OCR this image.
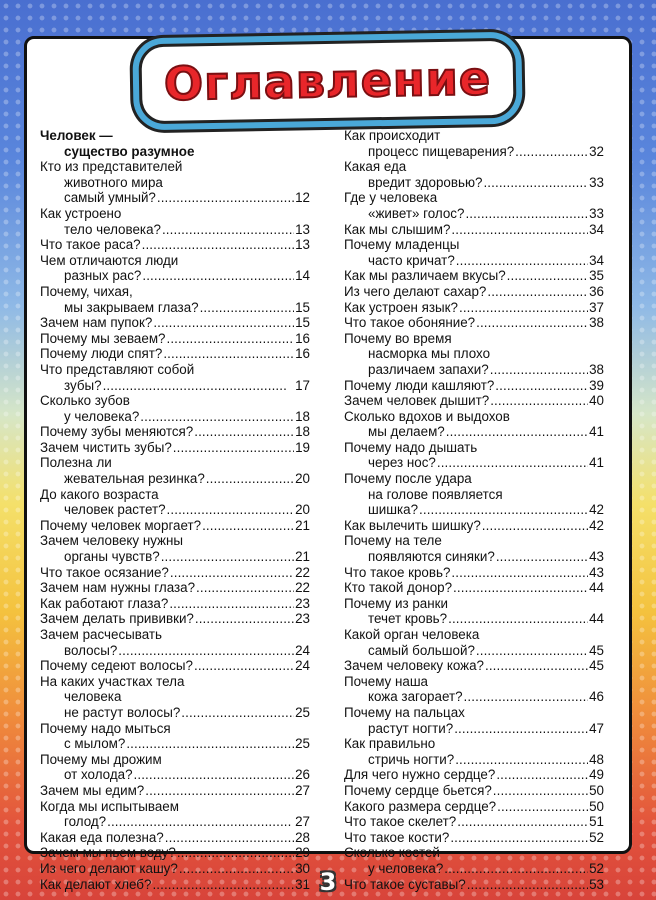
Оглавление
Человек —
существо разумное
Кто из представителей
животного мира
самый умный? . . .	12
Как устроено
тело человека? . . .	13
Что такое раса? . . .	13
Чем отличаются люди
разных рас? . . .	14
Почему, чихая,
мы закрываем глаза? . . .	15
Зачем нам пупок? . . .	15
Почему мы зеваем? . . .	16
Почему люди спят? . . .	16
Что представляют собой
зубы? . . .	17
Сколько зубов
у человека? . . .	18
Почему зубы меняются? . . .	18
Зачем чистить зубы? . . .	19
Полезна ли
жевательная резинка? . . .	20
До какого возраста
человек растет? . . .	20
Почему человек моргает? . . .	21
Зачем человеку нужны
органы чувств? . . .	21
Что такое осязание? . . .	22
Зачем нам нужны глаза? . . .	22
Как работают глаза? . . .	23
Зачем делать прививки? . . .	23
Зачем расчесывать
волосы? . . .	24
Почему седеют волосы? . . .	24
На каких участках тела
человека
не растут волосы? . . .	25
Почему надо мыться
с мылом? . . .	25
Почему мы дрожим
от холода? . . .	26
Зачем мы едим? . . .	27
Когда мы испытываем
голод? . . .	27
Какая еда полезна? . . .	28
Зачем мы пьем воду? . . .	29
Из чего делают кашу? . . .	30
Как делают хлеб? . . .	31
Как происходит
процесс пищеварения? . . .	32
Какая еда
вредит здоровью? . . .	33
Где у человека
«живет» голос? . . .	33
Как мы слышим? . . .	34
Почему младенцы
часто кричат? . . .	34
Как мы различаем вкусы? . . .	35
Из чего делают сахар? . . .	36
Как устроен язык? . . .	37
Что такое обоняние? . . .	38
Почему во время
насморка мы плохо
различаем запахи? . . .	38
Почему люди кашляют? . . .	39
Зачем человек дышит? . . .	40
Сколько вдохов и выдохов
мы делаем? . . .	41
Почему надо дышать
через нос? . . .	41
Почему после удара
на голове появляется
шишка? . . .	42
Как вылечить шишку? . . .	42
Почему на теле
появляются синяки? . . .	43
Что такое кровь? . . .	43
Кто такой донор? . . .	44
Почему из ранки
течет кровь? . . .	44
Какой орган человека
самый большой? . . .	45
Зачем человеку кожа? . . .	45
Почему наша
кожа загорает? . . .	46
Почему на пальцах
растут ногти? . . .	47
Как правильно
стричь ногти? . . .	48
Для чего нужно сердце? . . .	49
Почему сердце бьется? . . .	50
Какого размера сердце? . . .	50
Что такое скелет? . . .	51
Что такое кости? . . .	52
Сколько костей
у человека? . . .	52
Что такое суставы? . . .	53
3
